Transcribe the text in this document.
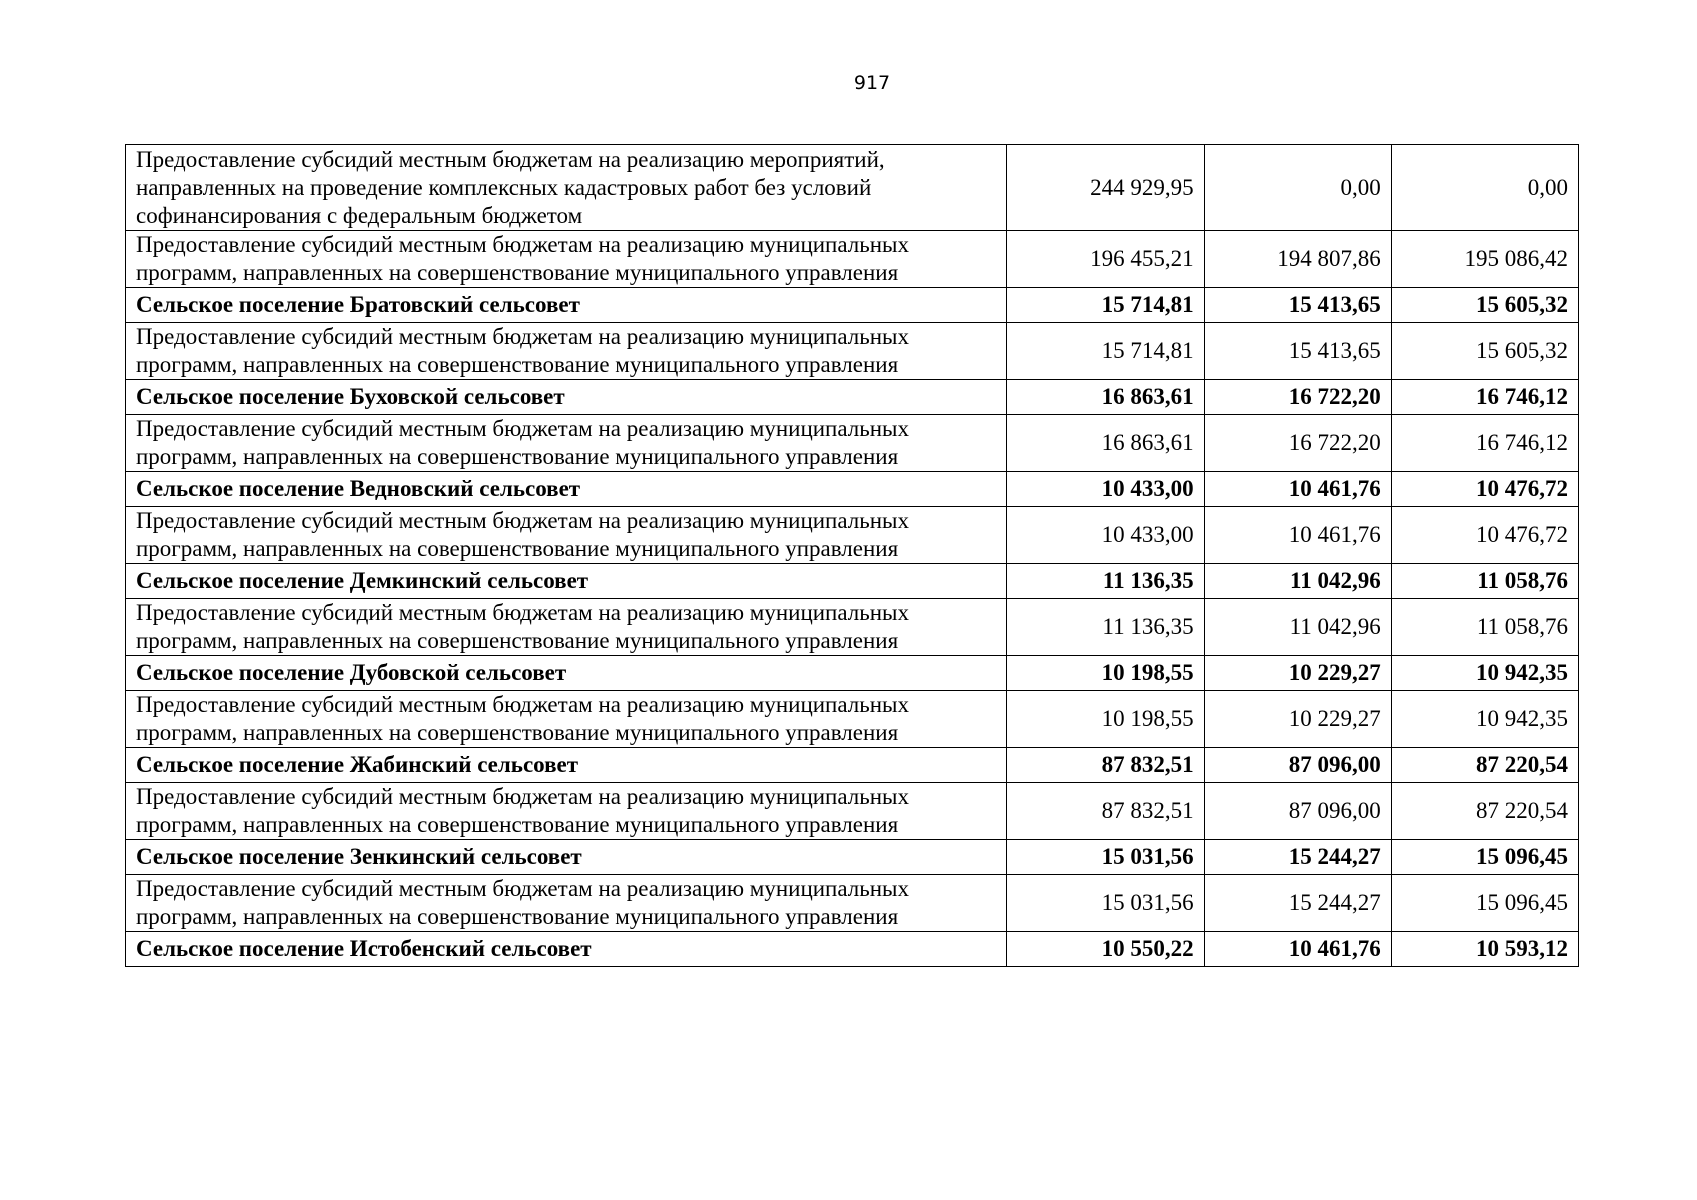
917
Предоставление субсидий местным бюджетам на реализацию мероприятий, направленных на проведение комплексных кадастровых работ без условий софинансирования с федеральным бюджетом	244 929,95	0,00	0,00
Предоставление субсидий местным бюджетам на реализацию муниципальных программ, направленных на совершенствование муниципального управления	196 455,21	194 807,86	195 086,42
Сельское поселение Братовский сельсовет	15 714,81	15 413,65	15 605,32
Предоставление субсидий местным бюджетам на реализацию муниципальных программ, направленных на совершенствование муниципального управления	15 714,81	15 413,65	15 605,32
Сельское поселение Буховской сельсовет	16 863,61	16 722,20	16 746,12
Предоставление субсидий местным бюджетам на реализацию муниципальных программ, направленных на совершенствование муниципального управления	16 863,61	16 722,20	16 746,12
Сельское поселение Ведновский сельсовет	10 433,00	10 461,76	10 476,72
Предоставление субсидий местным бюджетам на реализацию муниципальных программ, направленных на совершенствование муниципального управления	10 433,00	10 461,76	10 476,72
Сельское поселение Демкинский сельсовет	11 136,35	11 042,96	11 058,76
Предоставление субсидий местным бюджетам на реализацию муниципальных программ, направленных на совершенствование муниципального управления	11 136,35	11 042,96	11 058,76
Сельское поселение Дубовской сельсовет	10 198,55	10 229,27	10 942,35
Предоставление субсидий местным бюджетам на реализацию муниципальных программ, направленных на совершенствование муниципального управления	10 198,55	10 229,27	10 942,35
Сельское поселение Жабинский сельсовет	87 832,51	87 096,00	87 220,54
Предоставление субсидий местным бюджетам на реализацию муниципальных программ, направленных на совершенствование муниципального управления	87 832,51	87 096,00	87 220,54
Сельское поселение Зенкинский сельсовет	15 031,56	15 244,27	15 096,45
Предоставление субсидий местным бюджетам на реализацию муниципальных программ, направленных на совершенствование муниципального управления	15 031,56	15 244,27	15 096,45
Сельское поселение Истобенский сельсовет	10 550,22	10 461,76	10 593,12
